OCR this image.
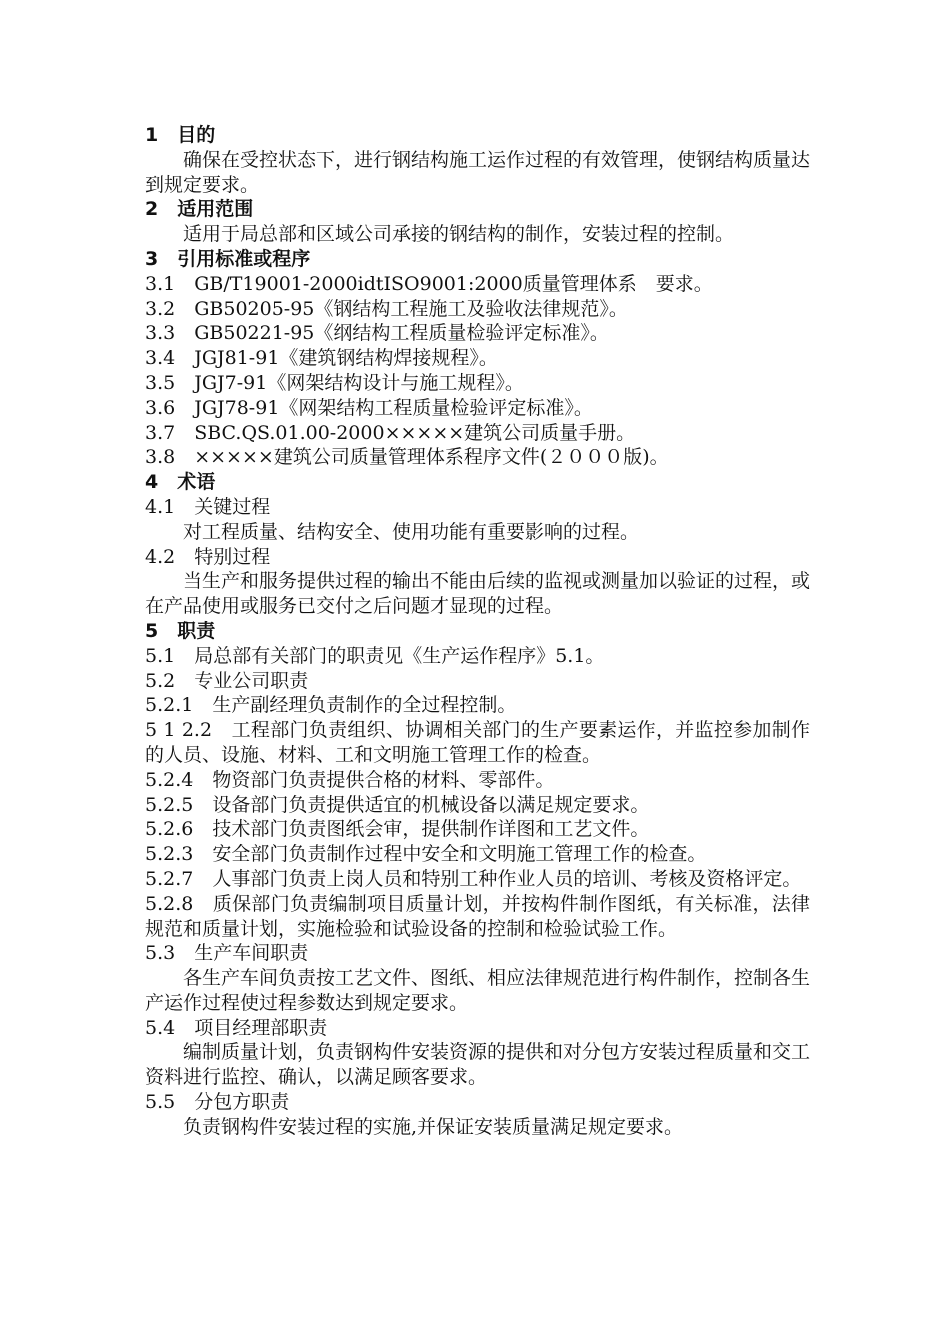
1　目的
确保在受控状态下，进行钢结构施工运作过程的有效管理，使钢结构质量达到规定要求。
2　适用范围
适用于局总部和区域公司承接的钢结构的制作，安装过程的控制。
3　引用标准或程序
3.1　GB/T19001-2000idtISO9001:2000质量管理体系　要求。
3.2　GB50205-95《钢结构工程施工及验收法律规范》。
3.3　GB50221-95《纲结构工程质量检验评定标准》。
3.4　JGJ81-91《建筑钢结构焊接规程》。
3.5　JGJ7-91《网架结构设计与施工规程》。
3.6　JGJ78-91《网架结构工程质量检验评定标准》。
3.7　SBC.QS.01.00-2000×××××建筑公司质量手册。
3.8　×××××建筑公司质量管理体系程序文件(２０００版)。
4　术语
4.1　关键过程
对工程质量、结构安全、使用功能有重要影响的过程。
4.2　特别过程
当生产和服务提供过程的输出不能由后续的监视或测量加以验证的过程，或在产品使用或服务已交付之后问题才显现的过程。
5　职责
5.1　局总部有关部门的职责见《生产运作程序》5.1。
5.2　专业公司职责
5.2.1　生产副经理负责制作的全过程控制。
5 1 2.2　工程部门负责组织、协调相关部门的生产要素运作，并监控参加制作的人员、设施、材料、工和文明施工管理工作的检查。
5.2.4　物资部门负责提供合格的材料、零部件。
5.2.5　设备部门负责提供适宜的机械设备以满足规定要求。
5.2.6　技术部门负责图纸会审，提供制作详图和工艺文件。
5.2.3　安全部门负责制作过程中安全和文明施工管理工作的检查。
5.2.7　人事部门负责上岗人员和特别工种作业人员的培训、考核及资格评定。
5.2.8　质保部门负责编制项目质量计划，并按构件制作图纸，有关标准，法律规范和质量计划，实施检验和试验设备的控制和检验试验工作。
5.3　生产车间职责
各生产车间负责按工艺文件、图纸、相应法律规范进行构件制作，控制各生产运作过程使过程参数达到规定要求。
5.4　项目经理部职责
编制质量计划，负责钢构件安装资源的提供和对分包方安装过程质量和交工资料进行监控、确认，以满足顾客要求。
5.5　分包方职责
负责钢构件安装过程的实施,并保证安装质量满足规定要求。
